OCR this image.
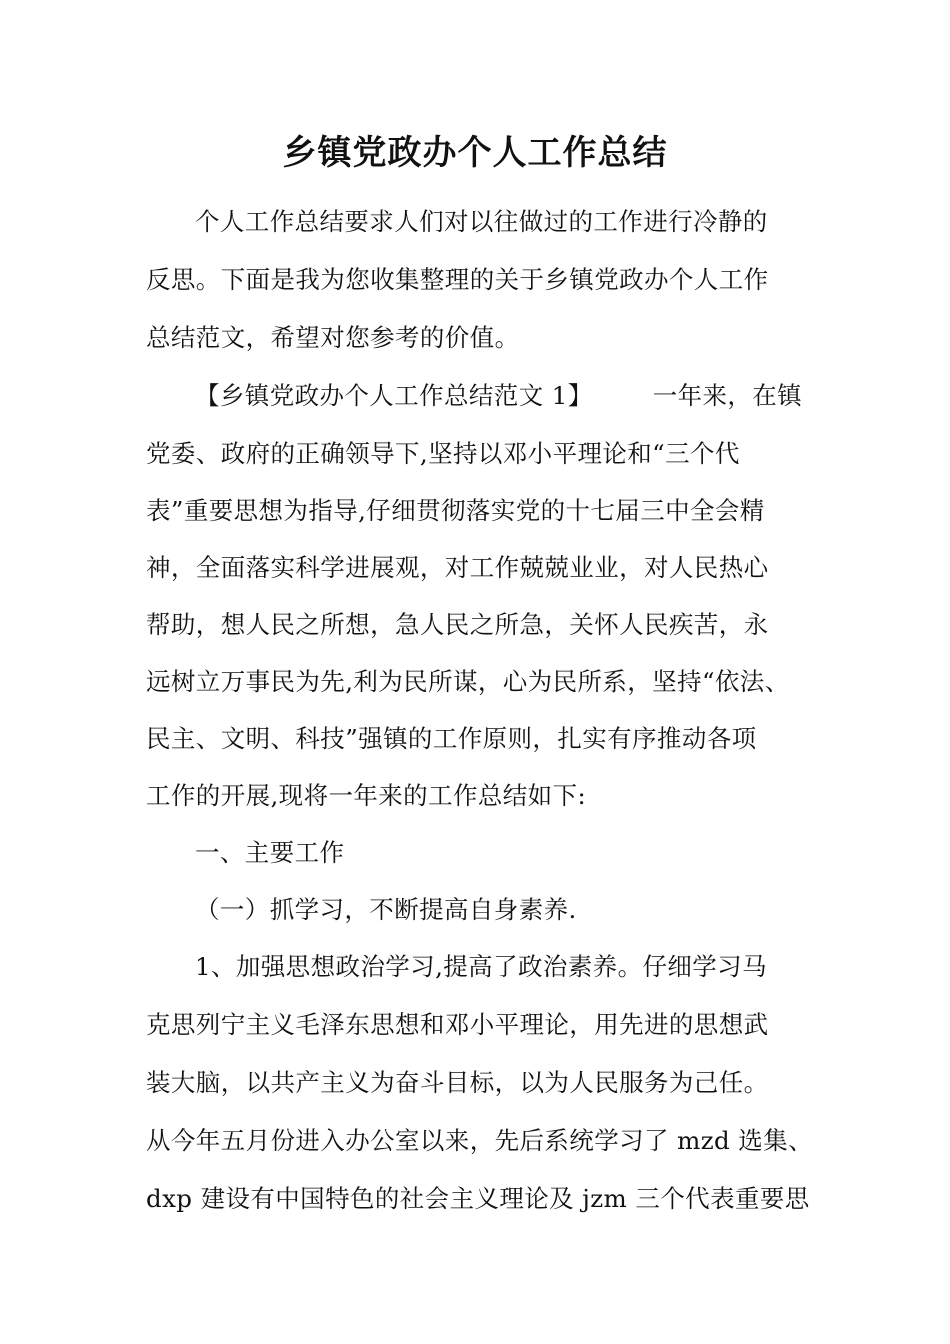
乡镇党政办个人工作总结
个人工作总结要求人们对以往做过的工作进行冷静的
反思。下面是我为您收集整理的关于乡镇党政办个人工作
总结范文，希望对您参考的价值。
【乡镇党政办个人工作总结范文 1】 一年来，在镇
党委、政府的正确领导下,坚持以邓小平理论和“三个代
表”重要思想为指导,仔细贯彻落实党的十七届三中全会精
神，全面落实科学进展观，对工作兢兢业业，对人民热心
帮助，想人民之所想，急人民之所急，关怀人民疾苦，永
远树立万事民为先,利为民所谋，心为民所系，坚持“依法、
民主、文明、科技”强镇的工作原则，扎实有序推动各项
工作的开展,现将一年来的工作总结如下:
一、主要工作
（一）抓学习，不断提高自身素养.
1、加强思想政治学习,提高了政治素养。仔细学习马
克思列宁主义毛泽东思想和邓小平理论，用先进的思想武
装大脑，以共产主义为奋斗目标，以为人民服务为己任。
从今年五月份进入办公室以来，先后系统学习了 mzd 选集、
dxp 建设有中国特色的社会主义理论及 jzm 三个代表重要思
